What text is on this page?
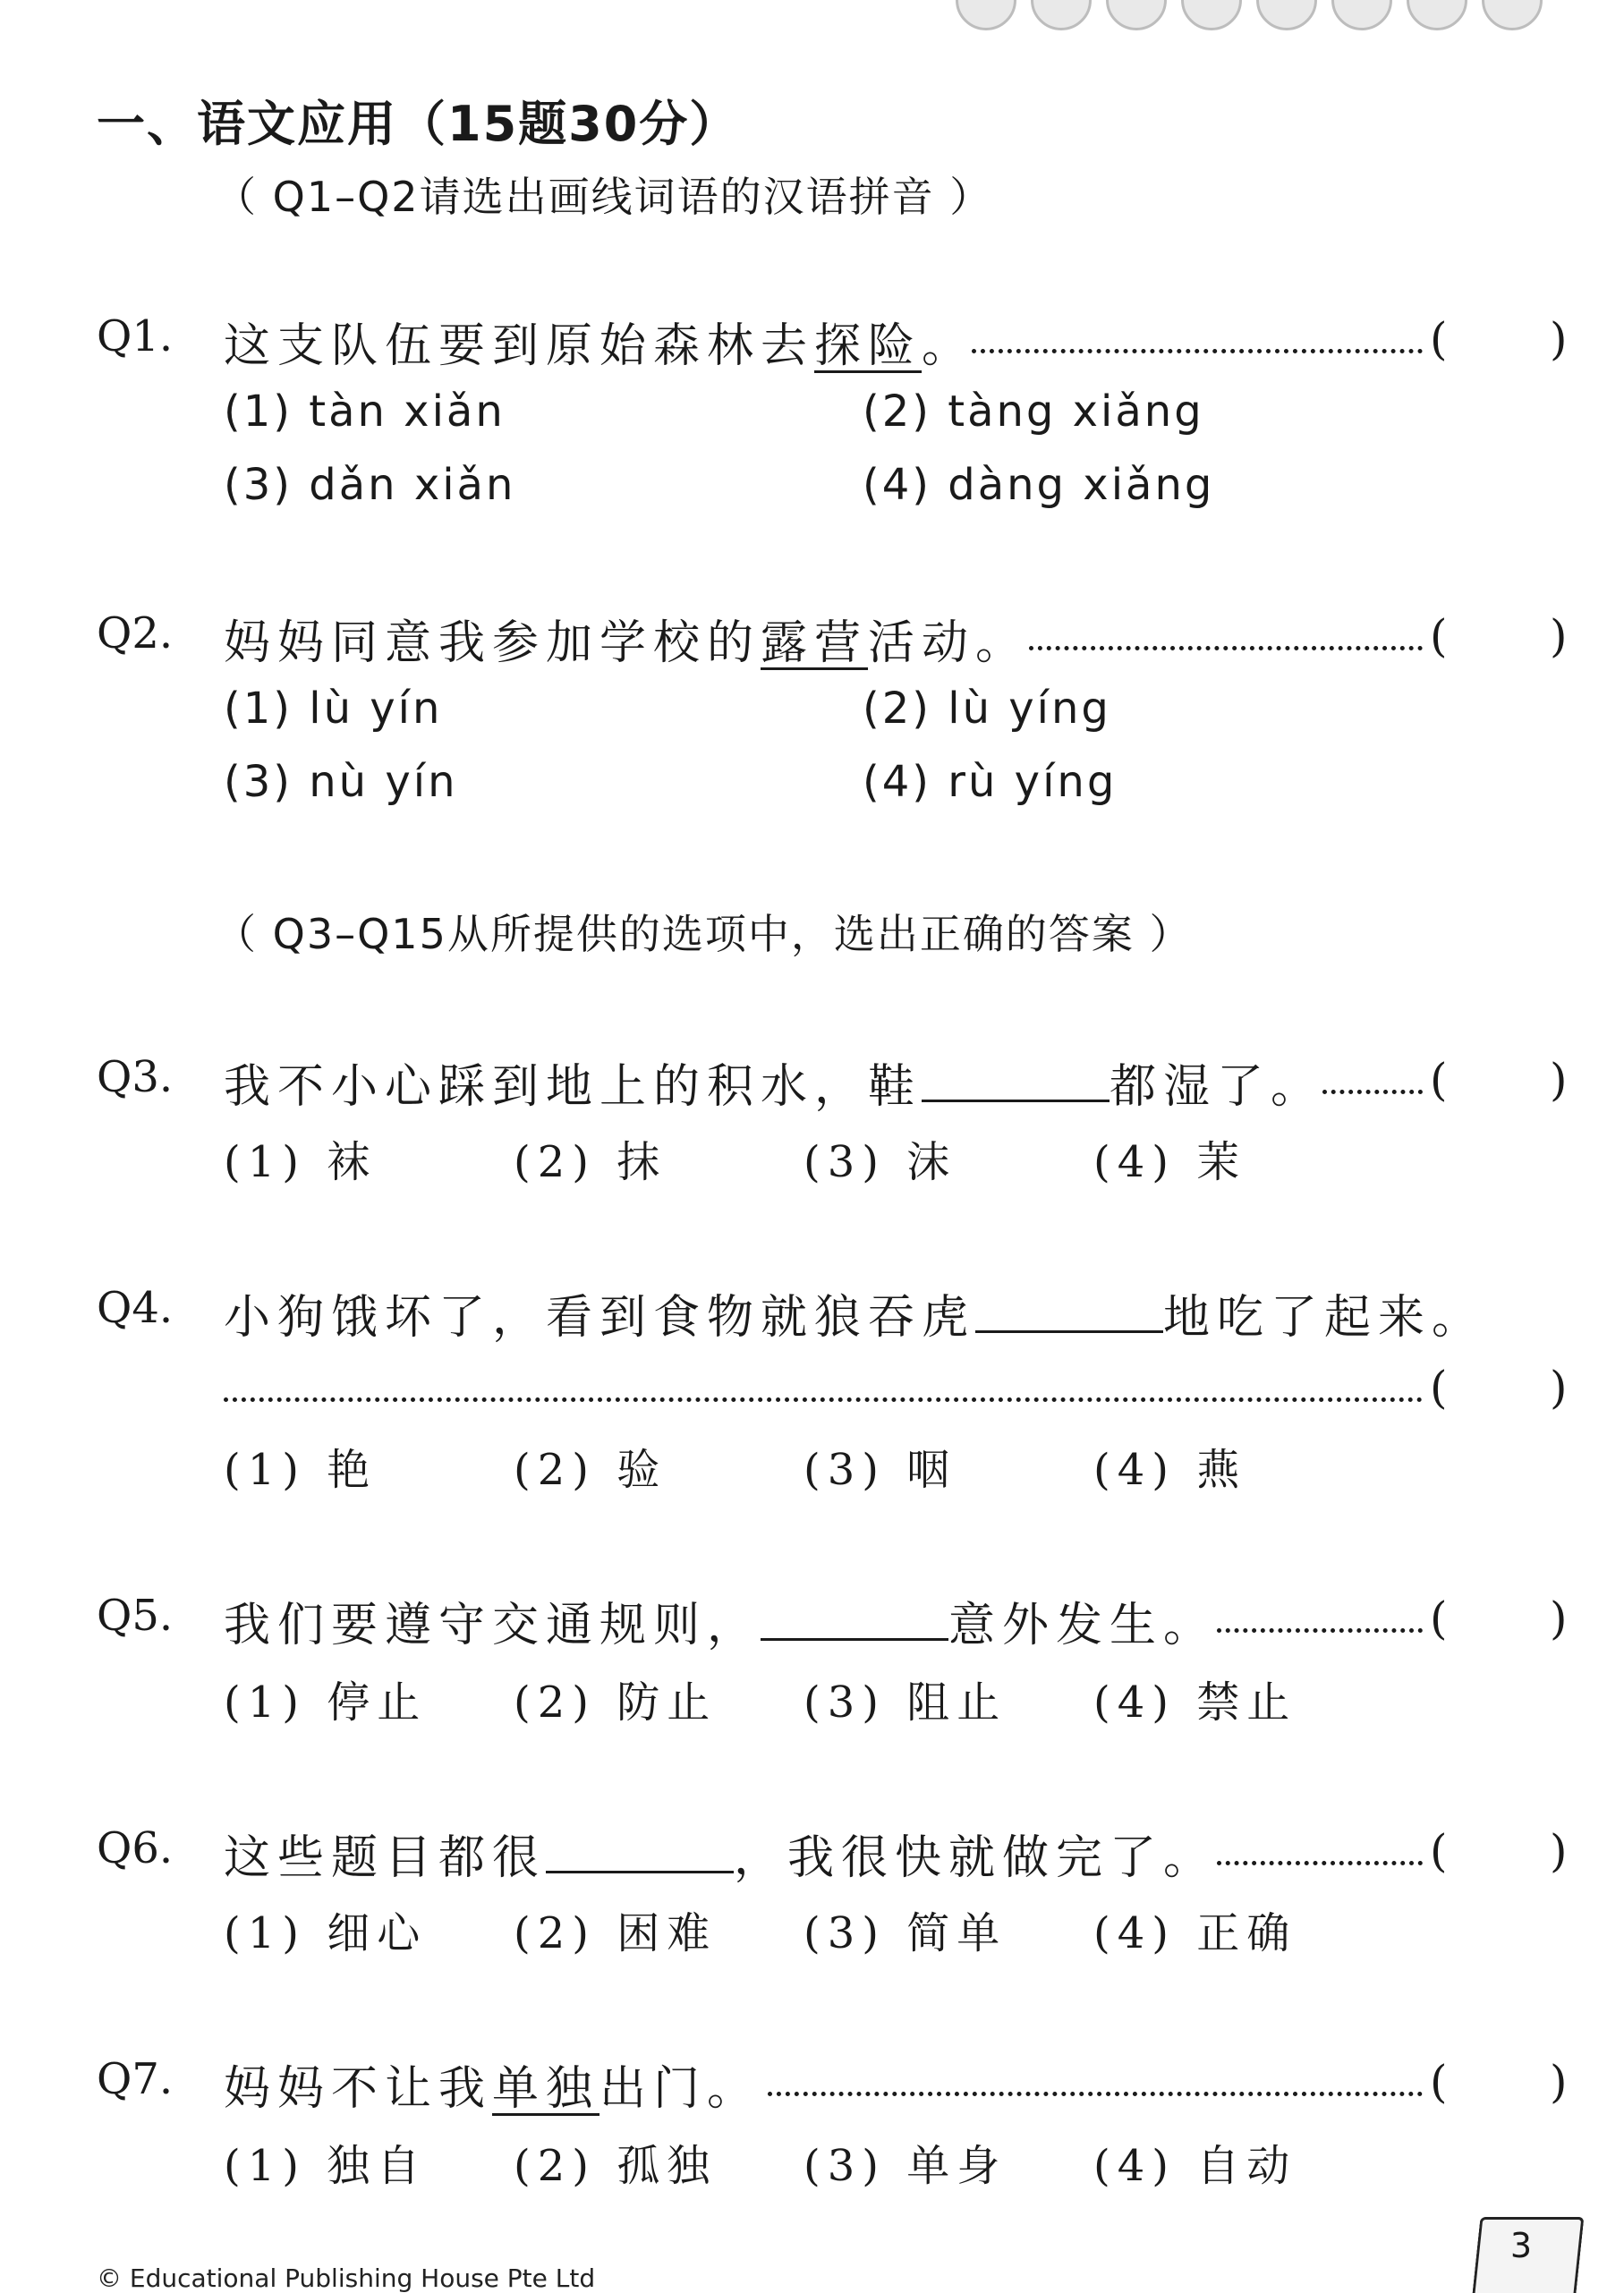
一、语文应用（15题30分）
（ Q1–Q2请选出画线词语的汉语拼音 ）
Q1. 这支队伍要到原始森林去探险。	( )
(1) tàn xiǎn	(2) tàng xiǎng
(3) dǎn xiǎn	(4) dàng xiǎng
Q2. 妈妈同意我参加学校的露营活动。	( )
(1) lù yín	(2) lù yíng
(3) nù yín	(4) rù yíng
（ Q3–Q15从所提供的选项中，选出正确的答案 ）
Q3. 我不小心踩到地上的积水，鞋	都湿了。 ( )
(1) 袜	(2) 抹	(3) 沫	(4) 茉
Q4. 小狗饿坏了，看到食物就狼吞虎	地吃了起来。
( )
(1) 艳	(2) 验	(3) 咽	(4) 燕
Q5. 我们要遵守交通规则，	意外发生。	( )
(1) 停止 (2) 防止 (3) 阻止 (4) 禁止
Q6. 这些题目都很	，我很快就做完了。	( )
(1) 细心 (2) 困难 (3) 简单 (4) 正确
Q7. 妈妈不让我单独出门。	( )
(1) 独自 (2) 孤独 (3) 单身 (4) 自动
3
© Educational Publishing House Pte Ltd
